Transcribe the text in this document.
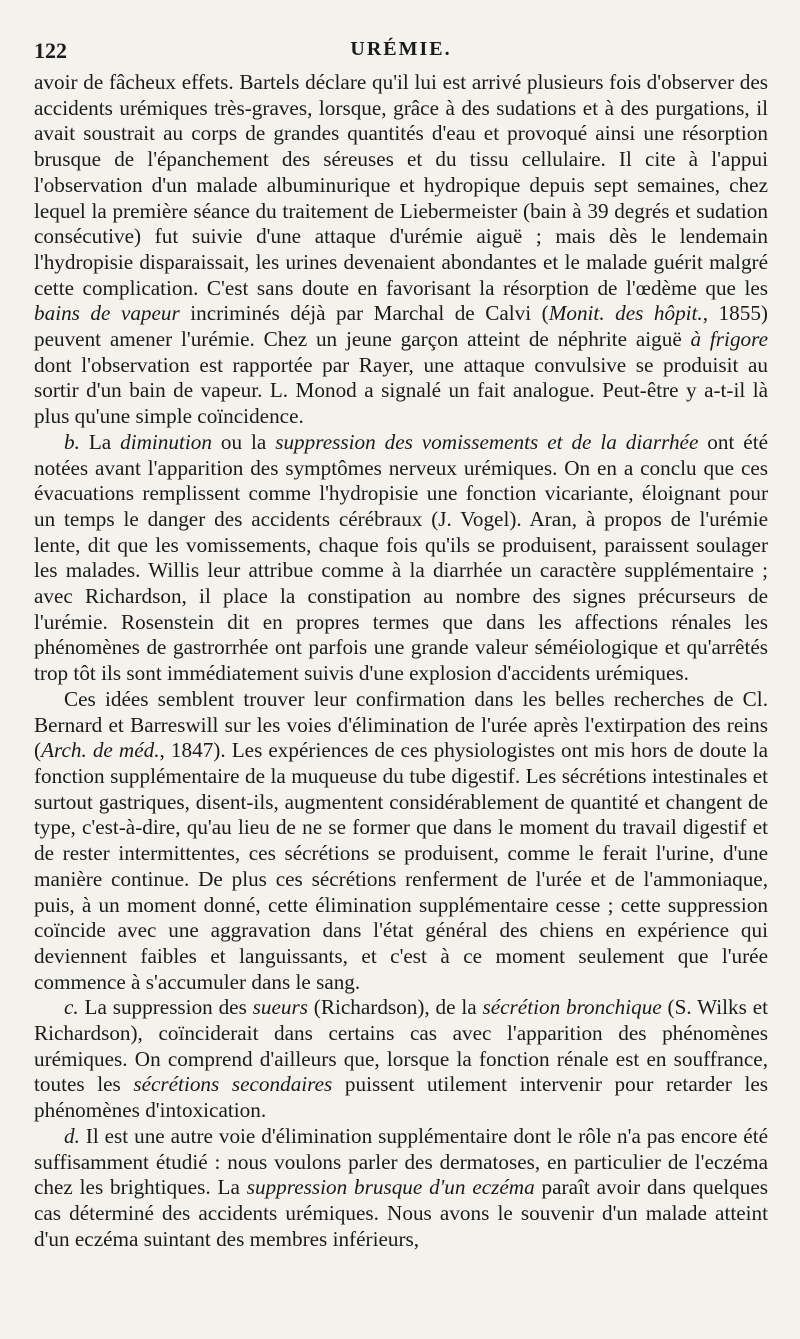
122	URÉMIE.

avoir de fâcheux effets. Bartels déclare qu'il lui est arrivé plusieurs fois d'observer des accidents urémiques très-graves, lorsque, grâce à des sudations et à des purgations, il avait soustrait au corps de grandes quantités d'eau et provoqué ainsi une résorption brusque de l'épanchement des séreuses et du tissu cellulaire. Il cite à l'appui l'observation d'un malade albuminurique et hydropique depuis sept semaines, chez lequel la première séance du traitement de Liebermeister (bain à 39 degrés et sudation consécutive) fut suivie d'une attaque d'urémie aiguë ; mais dès le lendemain l'hydropisie disparaissait, les urines devenaient abondantes et le malade guérit malgré cette complication. C'est sans doute en favorisant la résorption de l'œdème que les bains de vapeur incriminés déjà par Marchal de Calvi (Monit. des hôpit., 1855) peuvent amener l'urémie. Chez un jeune garçon atteint de néphrite aiguë à frigore dont l'observation est rapportée par Rayer, une attaque convulsive se produisit au sortir d'un bain de vapeur. L. Monod a signalé un fait analogue. Peut-être y a-t-il là plus qu'une simple coïncidence.

b. La diminution ou la suppression des vomissements et de la diarrhée ont été notées avant l'apparition des symptômes nerveux urémiques. On en a conclu que ces évacuations remplissent comme l'hydropisie une fonction vicariante, éloignant pour un temps le danger des accidents cérébraux (J. Vogel). Aran, à propos de l'urémie lente, dit que les vomissements, chaque fois qu'ils se produisent, paraissent soulager les malades. Willis leur attribue comme à la diarrhée un caractère supplémentaire ; avec Richardson, il place la constipation au nombre des signes précurseurs de l'urémie. Rosenstein dit en propres termes que dans les affections rénales les phénomènes de gastrorrhée ont parfois une grande valeur séméiologique et qu'arrêtés trop tôt ils sont immédiatement suivis d'une explosion d'accidents urémiques.

Ces idées semblent trouver leur confirmation dans les belles recherches de Cl. Bernard et Barreswill sur les voies d'élimination de l'urée après l'extirpation des reins (Arch. de méd., 1847). Les expériences de ces physiologistes ont mis hors de doute la fonction supplémentaire de la muqueuse du tube digestif. Les sécrétions intestinales et surtout gastriques, disent-ils, augmentent considérablement de quantité et changent de type, c'est-à-dire, qu'au lieu de ne se former que dans le moment du travail digestif et de rester intermittentes, ces sécrétions se produisent, comme le ferait l'urine, d'une manière continue. De plus ces sécrétions renferment de l'urée et de l'ammoniaque, puis, à un moment donné, cette élimination supplémentaire cesse ; cette suppression coïncide avec une aggravation dans l'état général des chiens en expérience qui deviennent faibles et languissants, et c'est à ce moment seulement que l'urée commence à s'accumuler dans le sang.

c. La suppression des sueurs (Richardson), de la sécrétion bronchique (S. Wilks et Richardson), coïnciderait dans certains cas avec l'apparition des phénomènes urémiques. On comprend d'ailleurs que, lorsque la fonction rénale est en souffrance, toutes les sécrétions secondaires puissent utilement intervenir pour retarder les phénomènes d'intoxication.

d. Il est une autre voie d'élimination supplémentaire dont le rôle n'a pas encore été suffisamment étudié : nous voulons parler des dermatoses, en particulier de l'eczéma chez les brightiques. La suppression brusque d'un eczéma paraît avoir dans quelques cas déterminé des accidents urémiques. Nous avons le souvenir d'un malade atteint d'un eczéma suintant des membres inférieurs,
